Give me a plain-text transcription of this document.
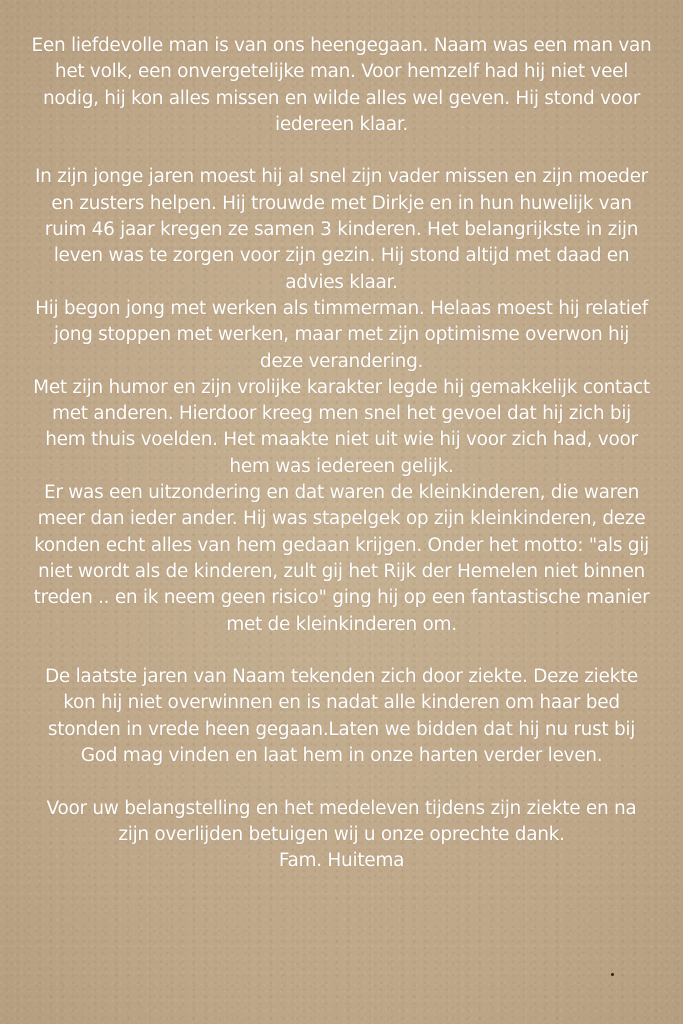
Een liefdevolle man is van ons heengegaan. Naam was een man van het volk, een onvergetelijke man. Voor hemzelf had hij niet veel nodig, hij kon alles missen en wilde alles wel geven. Hij stond voor iedereen klaar.

In zijn jonge jaren moest hij al snel zijn vader missen en zijn moeder en zusters helpen. Hij trouwde met Dirkje en in hun huwelijk van ruim 46 jaar kregen ze samen 3 kinderen. Het belangrijkste in zijn leven was te zorgen voor zijn gezin. Hij stond altijd met daad en advies klaar.

Hij begon jong met werken als timmerman. Helaas moest hij relatief jong stoppen met werken, maar met zijn optimisme overwon hij deze verandering.

Met zijn humor en zijn vrolijke karakter legde hij gemakkelijk contact met anderen. Hierdoor kreeg men snel het gevoel dat hij zich bij hem thuis voelden. Het maakte niet uit wie hij voor zich had, voor hem was iedereen gelijk.

Er was een uitzondering en dat waren de kleinkinderen, die waren meer dan ieder ander. Hij was stapelgek op zijn kleinkinderen, deze konden echt alles van hem gedaan krijgen. Onder het motto: "als gij niet wordt als de kinderen, zult gij het Rijk der Hemelen niet binnen treden .. en ik neem geen risico" ging hij op een fantastische manier met de kleinkinderen om.

De laatste jaren van Naam tekenden zich door ziekte. Deze ziekte kon hij niet overwinnen en is nadat alle kinderen om haar bed stonden in vrede heen gegaan.Laten we bidden dat hij nu rust bij God mag vinden en laat hem in onze harten verder leven.

Voor uw belangstelling en het medeleven tijdens zijn ziekte en na zijn overlijden betuigen wij u onze oprechte dank.

Fam. Huitema
